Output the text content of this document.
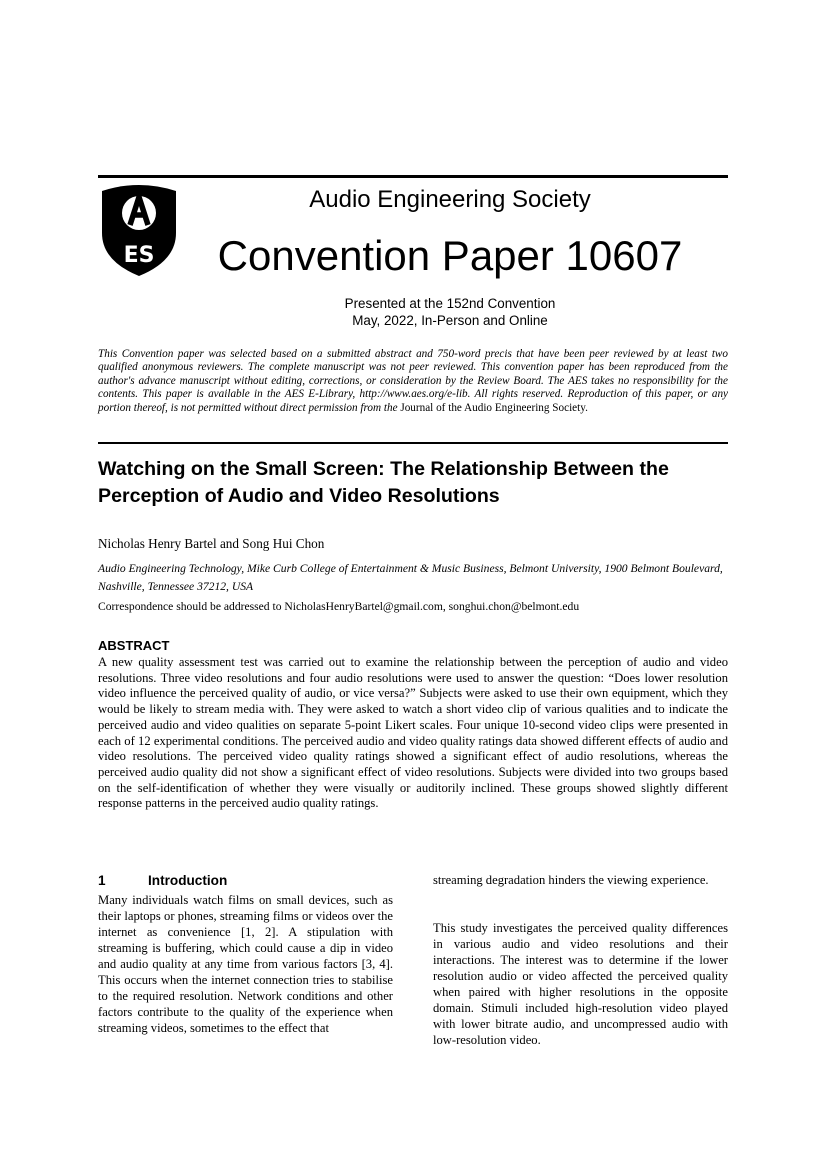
ES
Audio Engineering Society
Convention Paper 10607
Presented at the 152nd Convention
May, 2022, In-Person and Online
This Convention paper was selected based on a submitted abstract and 750-word precis that have been peer reviewed by at least two qualified anonymous reviewers. The complete manuscript was not peer reviewed. This convention paper has been reproduced from the author's advance manuscript without editing, corrections, or consideration by the Review Board. The AES takes no responsibility for the contents. This paper is available in the AES E-Library, http://www.aes.org/e-lib. All rights reserved. Reproduction of this paper, or any portion thereof, is not permitted without direct permission from the Journal of the Audio Engineering Society.
Watching on the Small Screen: The Relationship Between the Perception of Audio and Video Resolutions
Nicholas Henry Bartel and Song Hui Chon
Audio Engineering Technology, Mike Curb College of Entertainment & Music Business, Belmont University, 1900 Belmont Boulevard, Nashville, Tennessee 37212, USA
Correspondence should be addressed to NicholasHenryBartel@gmail.com, songhui.chon@belmont.edu
ABSTRACT
A new quality assessment test was carried out to examine the relationship between the perception of audio and video resolutions. Three video resolutions and four audio resolutions were used to answer the question: “Does lower resolution video influence the perceived quality of audio, or vice versa?” Subjects were asked to use their own equipment, which they would be likely to stream media with. They were asked to watch a short video clip of various qualities and to indicate the perceived audio and video qualities on separate 5-point Likert scales. Four unique 10-second video clips were presented in each of 12 experimental conditions. The perceived audio and video quality ratings data showed different effects of audio and video resolutions. The perceived video quality ratings showed a significant effect of audio resolutions, whereas the perceived audio quality did not show a significant effect of video resolutions. Subjects were divided into two groups based on the self-identification of whether they were visually or auditorily inclined. These groups showed slightly different response patterns in the perceived audio quality ratings.
1	Introduction
Many individuals watch films on small devices, such as their laptops or phones, streaming films or videos over the internet as convenience [1, 2]. A stipulation with streaming is buffering, which could cause a dip in video and audio quality at any time from various factors [3, 4]. This occurs when the internet connection tries to stabilise to the required resolution. Network conditions and other factors contribute to the quality of the experience when streaming videos, sometimes to the effect that
streaming degradation hinders the viewing experience.
This study investigates the perceived quality differences in various audio and video resolutions and their interactions. The interest was to determine if the lower resolution audio or video affected the perceived quality when paired with higher resolutions in the opposite domain. Stimuli included high-resolution video played with lower bitrate audio, and uncompressed audio with low-resolution video.
